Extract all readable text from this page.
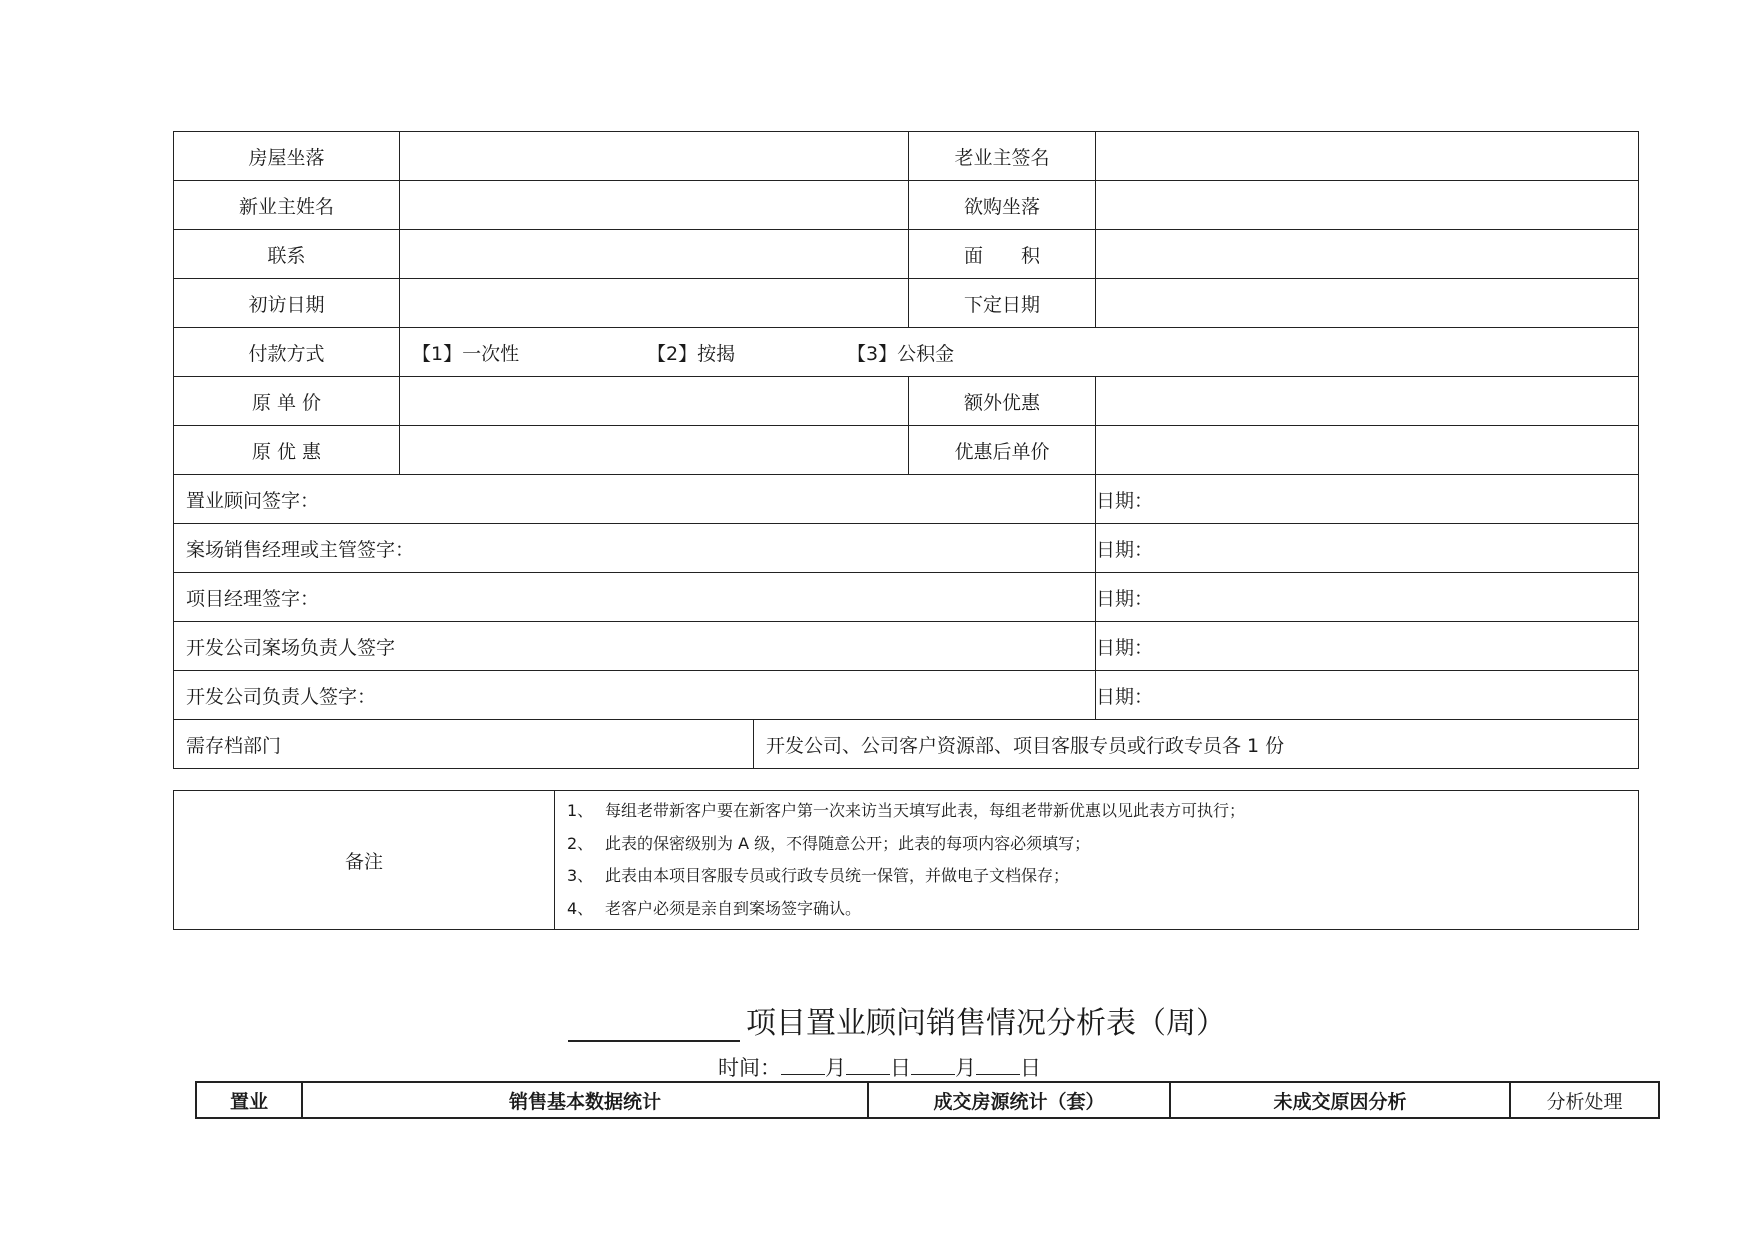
房屋坐落			老业主签名	
新业主姓名			欲购坐落	
联系			面　　积	
初访日期			下定日期	
付款方式	【1】一次性 【2】按揭 【3】公积金			
原 单 价			额外优惠	
原 优 惠			优惠后单价	
置业顾问签字：				日期：
案场销售经理或主管签字：				日期：
项目经理签字：				日期：
开发公司案场负责人签字				日期：
开发公司负责人签字：				日期：
需存档部门		开发公司、公司客户资源部、项目客服专员或行政专员各 1 份		
备注	
1、 每组老带新客户要在新客户第一次来访当天填写此表，每组老带新优惠以见此表方可执行；
2、 此表的保密级别为 A 级，不得随意公开；此表的每项内容必须填写；
3、 此表由本项目客服专员或行政专员统一保管，并做电子文档保存；
4、 老客户必须是亲自到案场签字确认。
项目置业顾问销售情况分析表（周）
时间： 月 日 月 日
置业	销售基本数据统计	成交房源统计（套）	未成交原因分析	分析处理
